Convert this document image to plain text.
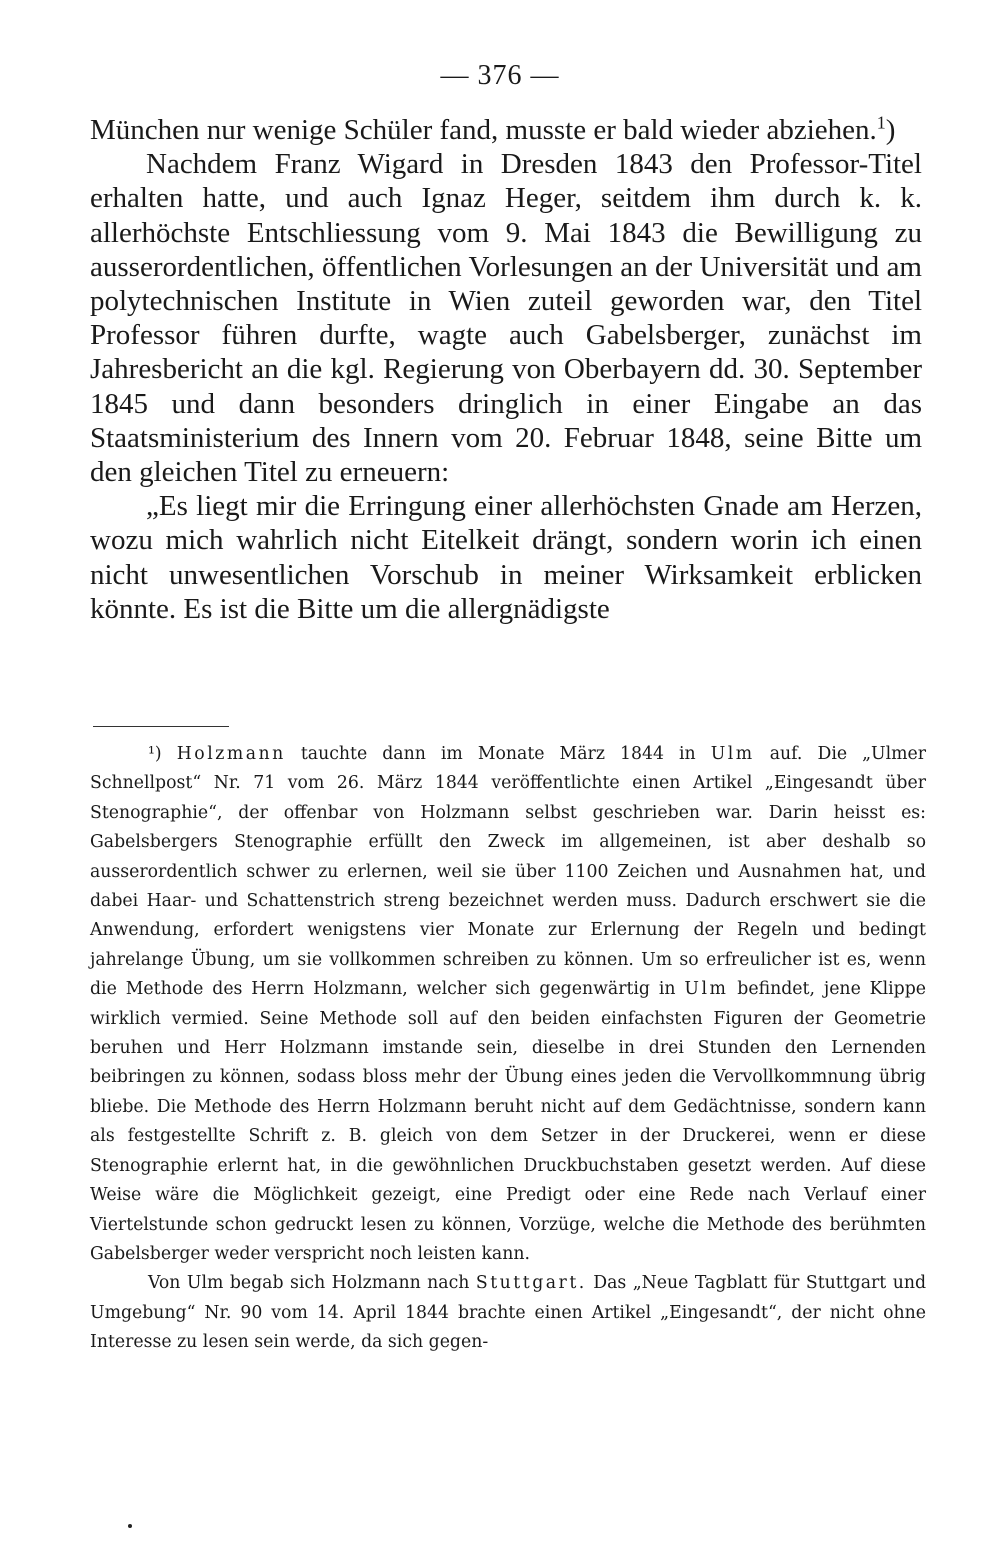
— 376 —

München nur wenige Schüler fand, musste er bald wieder abziehen.$^1$)

Nachdem Franz Wigard in Dresden 1843 den Professor-Titel erhalten hatte, und auch Ignaz Heger, seitdem ihm durch k. k. allerhöchste Entschliessung vom 9. Mai 1843 die Bewilligung zu ausserordentlichen, öffentlichen Vorlesungen an der Universität und am polytechnischen Institute in Wien zuteil geworden war, den Titel Professor führen durfte, wagte auch Gabelsberger, zunächst im Jahresbericht an die kgl. Regierung von Oberbayern dd. 30. September 1845 und dann besonders dringlich in einer Eingabe an das Staatsministerium des Innern vom 20. Februar 1848, seine Bitte um den gleichen Titel zu erneuern:

„Es liegt mir die Erringung einer allerhöchsten Gnade am Herzen, wozu mich wahrlich nicht Eitelkeit drängt, sondern worin ich einen nicht unwesentlichen Vorschub in meiner Wirksamkeit erblicken könnte. Es ist die Bitte um die allergnädigste

¹) Holzmann tauchte dann im Monate März 1844 in Ulm auf. Die „Ulmer Schnellpost“ Nr. 71 vom 26. März 1844 veröffentlichte einen Artikel „Eingesandt über Stenographie“, der offenbar von Holzmann selbst geschrieben war. Darin heisst es: Gabelsbergers Stenographie erfüllt den Zweck im allgemeinen, ist aber deshalb so ausserordentlich schwer zu erlernen, weil sie über 1100 Zeichen und Ausnahmen hat, und dabei Haar- und Schattenstrich streng bezeichnet werden muss. Dadurch erschwert sie die Anwendung, erfordert wenigstens vier Monate zur Erlernung der Regeln und bedingt jahrelange Übung, um sie vollkommen schreiben zu können. Um so erfreulicher ist es, wenn die Methode des Herrn Holzmann, welcher sich gegenwärtig in Ulm befindet, jene Klippe wirklich vermied. Seine Methode soll auf den beiden einfachsten Figuren der Geometrie beruhen und Herr Holzmann imstande sein, dieselbe in drei Stunden den Lernenden beibringen zu können, sodass bloss mehr der Übung eines jeden die Vervollkommnung übrig bliebe. Die Methode des Herrn Holzmann beruht nicht auf dem Gedächtnisse, sondern kann als festgestellte Schrift z. B. gleich von dem Setzer in der Druckerei, wenn er diese Stenographie erlernt hat, in die gewöhnlichen Druckbuchstaben gesetzt werden. Auf diese Weise wäre die Möglichkeit gezeigt, eine Predigt oder eine Rede nach Verlauf einer Viertelstunde schon gedruckt lesen zu können, Vorzüge, welche die Methode des berühmten Gabelsberger weder verspricht noch leisten kann.

Von Ulm begab sich Holzmann nach Stuttgart. Das „Neue Tagblatt für Stuttgart und Umgebung“ Nr. 90 vom 14. April 1844 brachte einen Artikel „Eingesandt“, der nicht ohne Interesse zu lesen sein werde, da sich gegen-
